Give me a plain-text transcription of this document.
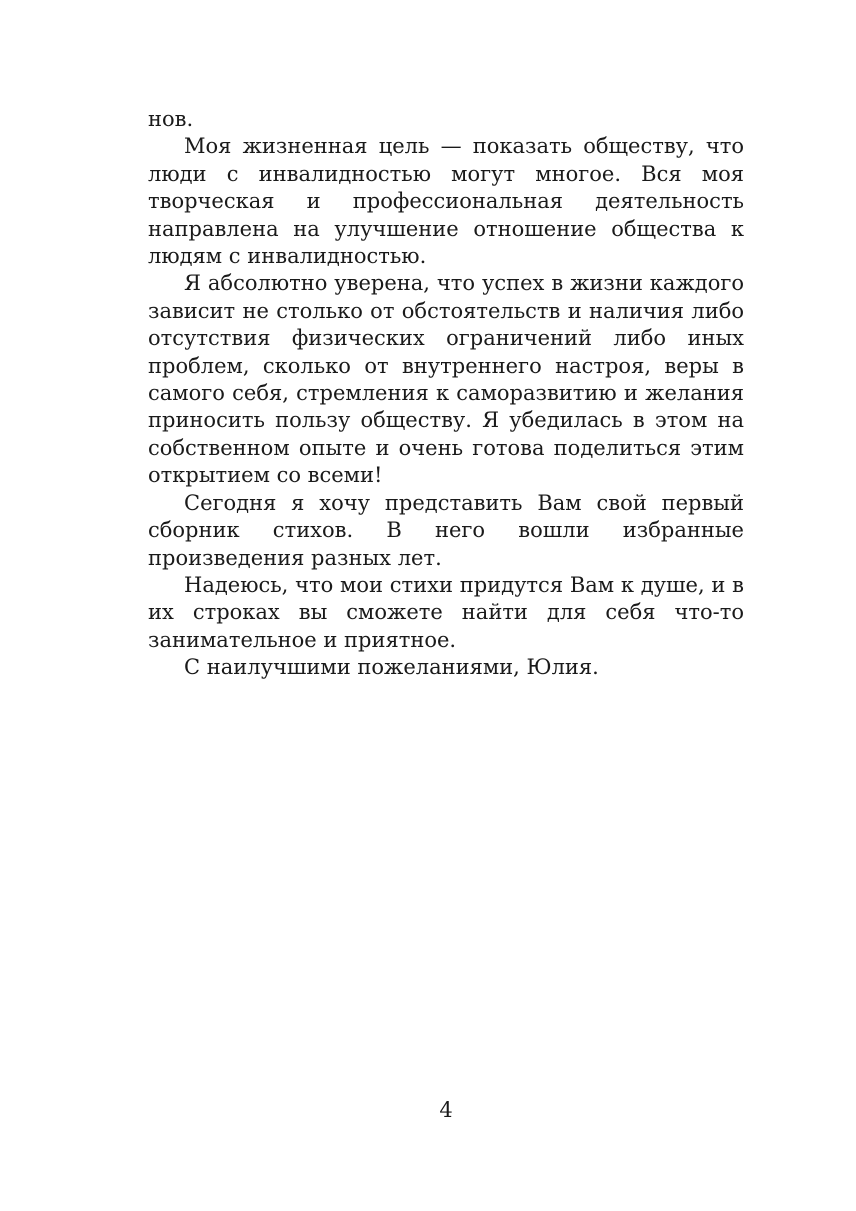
нов.

Моя жизненная цель — показать обществу, что люди с инвалидностью могут многое. Вся моя творческая и профессиональная деятельность направлена на улучшение отношение общества к людям с инвалидностью.

Я абсолютно уверена, что успех в жизни каждого зависит не столько от обстоятельств и наличия либо отсутствия физических ограничений либо иных проблем, сколько от внутреннего настроя, веры в самого себя, стремления к саморазвитию и желания приносить пользу обществу. Я убедилась в этом на собственном опыте и очень готова поделиться этим открытием со всеми!

Сегодня я хочу представить Вам свой первый сборник стихов. В него вошли избранные произведения разных лет.

Надеюсь, что мои стихи придутся Вам к душе, и в их строках вы сможете найти для себя что-то занимательное и приятное.

С наилучшими пожеланиями, Юлия.

4
